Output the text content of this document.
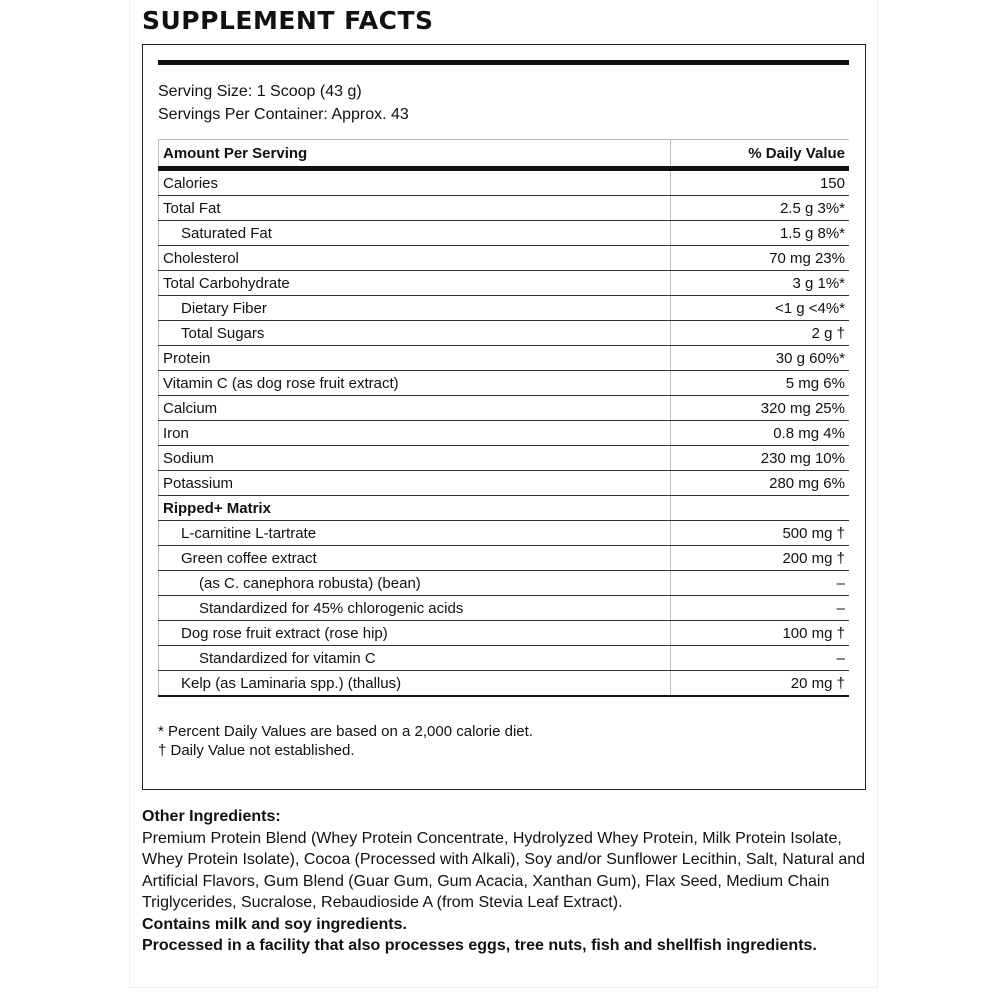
SUPPLEMENT FACTS
Serving Size: 1 Scoop (43 g)
Servings Per Container: Approx. 43
Amount Per Serving	% Daily Value
Calories	150
Total Fat	2.5 g 3%*
Saturated Fat	1.5 g 8%*
Cholesterol	70 mg 23%
Total Carbohydrate	3 g 1%*
Dietary Fiber	<1 g <4%*
Total Sugars	2 g †
Protein	30 g 60%*
Vitamin C (as dog rose fruit extract)	5 mg 6%
Calcium	320 mg 25%
Iron	0.8 mg 4%
Sodium	230 mg 10%
Potassium	280 mg 6%
Ripped+ Matrix	
L-carnitine L-tartrate	500 mg †
Green coffee extract	200 mg †
(as C. canephora robusta) (bean)	–
Standardized for 45% chlorogenic acids	–
Dog rose fruit extract (rose hip)	100 mg †
Standardized for vitamin C	–
Kelp (as Laminaria spp.) (thallus)	20 mg †
* Percent Daily Values are based on a 2,000 calorie diet.
† Daily Value not established.
Other Ingredients:
Premium Protein Blend (Whey Protein Concentrate, Hydrolyzed Whey Protein, Milk Protein Isolate, Whey Protein Isolate), Cocoa (Processed with Alkali), Soy and/or Sunflower Lecithin, Salt, Natural and Artificial Flavors, Gum Blend (Guar Gum, Gum Acacia, Xanthan Gum), Flax Seed, Medium Chain Triglycerides, Sucralose, Rebaudioside A (from Stevia Leaf Extract).
Contains milk and soy ingredients.
Processed in a facility that also processes eggs, tree nuts, fish and shellfish ingredients.
